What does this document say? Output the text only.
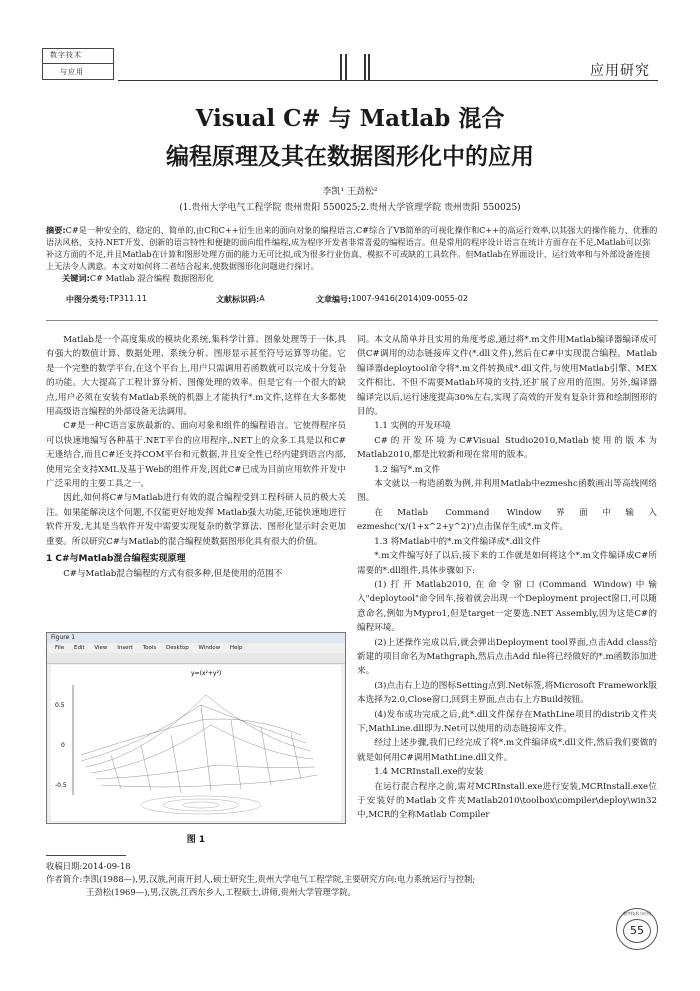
数字技术
与应用	应用研究
Visual C# 与 Matlab 混合
编程原理及其在数据图形化中的应用
李凯¹ 王劲松²
(1.贵州大学电气工程学院 贵州贵阳 550025;2.贵州大学管理学院 贵州贵阳 550025)
摘要:C#是一种安全的、稳定的、简单的,由C和C++衍生出来的面向对象的编程语言,C#综合了VB简单的可视化操作和C++的高运行效率,以其强大的操作能力、优雅的语法风格、支持.NET开发、创新的语言特性和便捷的面向组件编程,成为程序开发者非常喜爱的编程语言。但是常用的程序设计语言在统计方面存在不足,Matlab可以弥补这方面的不足,并且Matlab在计算和图形处理方面的能力无可比拟,成为很多行业仿真、模拟不可或缺的工具软件。但Matlab在界面设计、运行效率和与外部设备连接上无法令人满意。本文对如何将二者结合起来,使数据图形化问题进行探讨。
关键词:C# Matlab 混合编程 数据图形化
中图分类号: TP311.11	文献标识码: A	文章编号: 1007-9416(2014)09-0055-02

Matlab是一个高度集成的模块化系统,集科学计算、图象处理等于一体,具有强大的数值计算、数据处理、系统分析、图形显示甚至符号运算等功能。它是一个完整的数学平台,在这个平台上,用户只需调用若函数就可以完成十分复杂的功能。大大提高了工程计算分析、图像处理的效率。但是它有一个很大的缺点,用户必须在安装有Matlab系统的机器上才能执行*.m文件,这样在大多都使用高级语言编程的外部设备无法调用。

C#是一种C语言家族最新的、面向对象和组件的编程语言。它使得程序员可以快速地编写各种基于.NET平台的应用程序,.NET上的众多工具是以和C#无逢结合,而且C#还支持COM平台和元数据,并且安全性已经内建到语言内部,使用完全支持XML及基于Web的组件开发,因此C#已成为目前应用软件开发中广泛采用的主要工具之一。

因此,如何将C#与Matlab进行有效的混合编程受到工程科研人员的极大关注。如果能解决这个问题,不仅能更好地发挥 Matlab强大功能,还能快速地进行软件开发,尤其是当软件开发中需要实现复杂的数学算法、图形化显示时会更加重要。所以研究C#与Matlab的混合编程使数据图形化具有很大的价值。

1 C#与Matlab混合编程实现原理

C#与Matlab混合编程的方式有很多种,但是使用的范围不

Figure 1
File Edit View Insert Tools Desktop Window Help
y=(x²+y²)
0.5
0
-0.5
图 1

同。本文从简单并且实用的角度考虑,通过将*.m文件用Matlab编译器编译成可供C#调用的动态链接库文件(*.dll文件),然后在C#中实现混合编程。Matlab编译器deploytool命令将*.m文件转换成*.dll文件,与使用Matlab引擎、MEX文件相比、不但不需要Matlab环境的支持,还扩展了应用的范围。另外,编译器编译完以后,运行速度提高30%左右,实现了高效的开发有复杂计算和绘制图形的目的。

1.1 实例的开发环境

C#的开发环境为C#Visual Studio2010,Matlab使用的版本为Matlab2010,都是比较新和现在常用的版本。

1.2 编写*.m文件

本文就以一构造函数为例,并利用Matlab中ezmeshc函数画出等高线网络图。

在Matlab Command Window界面中输入ezmeshc('x/(1+x^2+y^2)')点击保存生成*.m文件。

1.3 将Matlab中的*.m文件编译成*.dll文件

*.m文件编写好了以后,接下来的工作就是如何将这个*.m文件编译成C#所需要的*.dll组件,具体步骤如下:

(1)打开Matlab2010,在命令窗口(Command Window)中输入"deploytool"命令回车,接着就会出现一个Deployment project窗口,可以随意命名,例如为Mypro1,但是target一定要选.NET Assembly,因为这是C#的编程环境。

(2)上述操作完成以后,就会弹出Deployment tool界面,点击Add class给新建的项目命名为Mathgraph,然后点击Add file将已经做好的*.m函数添加进来。

(3)点击右上边的图标Setting点到.Net标签,将Microsoft Framework版本选择为2.0,Close窗口,回到主界面,点击右上方Build按钮。

(4)发布成功完成之后,此*.dll文件保存在MathLine项目的distrib文件夹下,MathLine.dll即为.Net可以使用的动态链接库文件。

经过上述步骤,我们已经完成了将*.m文件编译成*.dll文件,然后我们要做的就是如何用C#调用MathLine.dll文件。

1.4 MCRInstall.exe的安装

在运行混合程序之前,需对MCRInstall.exe进行安装,MCRInstall.exe位于安装好的Matlab文件夹Matlab2010\toolbox\compiler\deploy\win32中,MCR的全称Matlab Compiler

收稿日期:2014-09-18
作者简介:李凯(1988—),男,汉族,河南开封人,硕士研究生,贵州大学电气工程学院,主要研究方向:电力系统运行与控制;
王劲松(1969—),男,汉族,江西东乡人,工程硕士,讲师,贵州大学管理学院。
数字技术与应用
55
